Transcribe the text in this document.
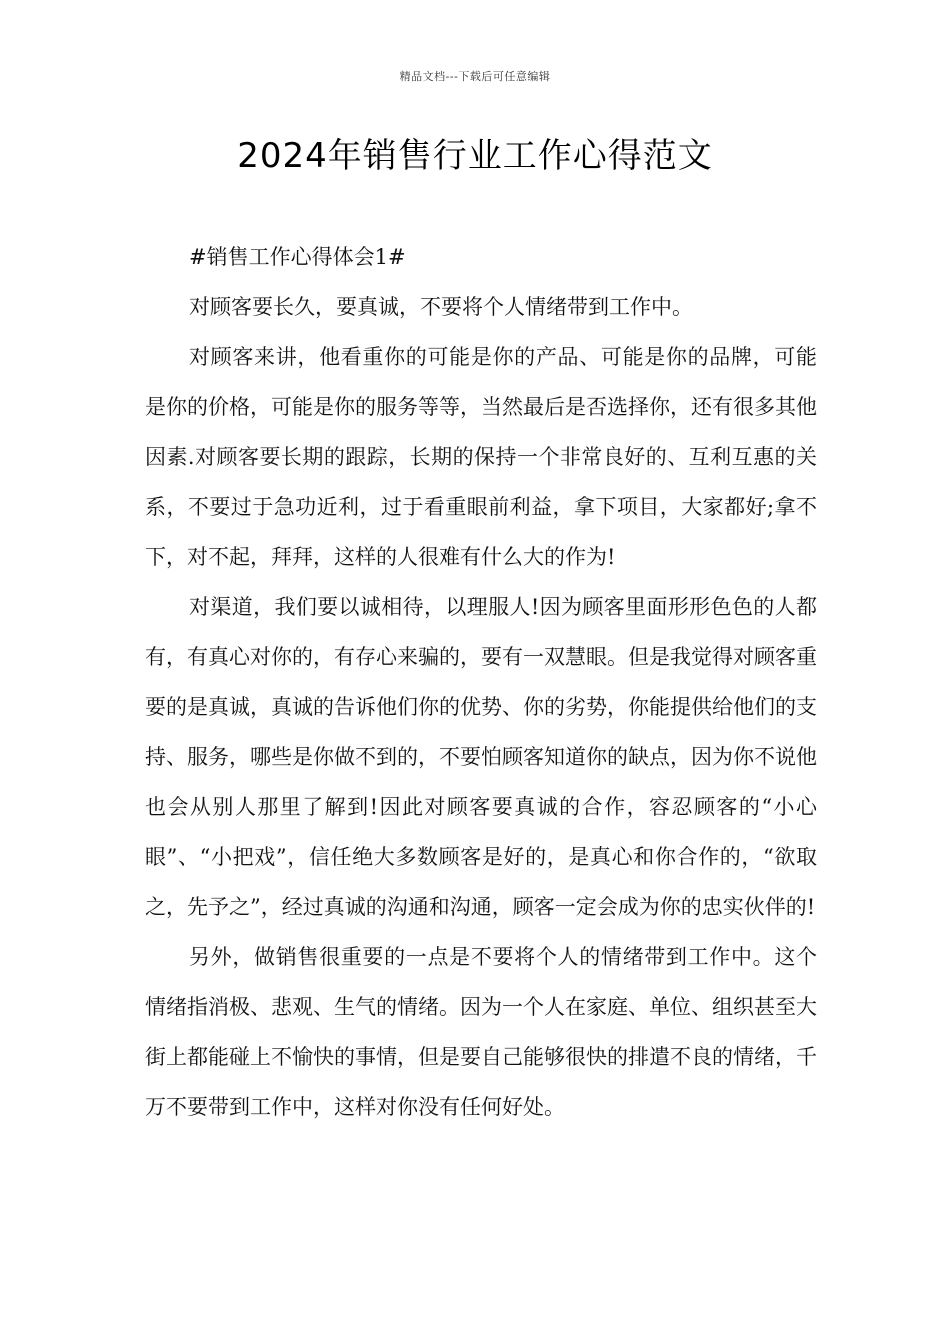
精品文档---下载后可任意编辑
2024年销售行业工作心得范文

#销售工作心得体会1#

对顾客要长久，要真诚，不要将个人情绪带到工作中。

对顾客来讲，他看重你的可能是你的产品、可能是你的品牌，可能是你的价格，可能是你的服务等等，当然最后是否选择你，还有很多其他因素.对顾客要长期的跟踪，长期的保持一个非常良好的、互利互惠的关系，不要过于急功近利，过于看重眼前利益，拿下项目，大家都好;拿不下，对不起，拜拜，这样的人很难有什么大的作为!

对渠道，我们要以诚相待，以理服人!因为顾客里面形形色色的人都有，有真心对你的，有存心来骗的，要有一双慧眼。但是我觉得对顾客重要的是真诚，真诚的告诉他们你的优势、你的劣势，你能提供给他们的支持、服务，哪些是你做不到的，不要怕顾客知道你的缺点，因为你不说他也会从别人那里了解到!因此对顾客要真诚的合作，容忍顾客的“小心眼”、“小把戏”，信任绝大多数顾客是好的，是真心和你合作的，“欲取之，先予之”，经过真诚的沟通和沟通，顾客一定会成为你的忠实伙伴的!

另外，做销售很重要的一点是不要将个人的情绪带到工作中。这个情绪指消极、悲观、生气的情绪。因为一个人在家庭、单位、组织甚至大街上都能碰上不愉快的事情，但是要自己能够很快的排遣不良的情绪，千万不要带到工作中，这样对你没有任何好处。
